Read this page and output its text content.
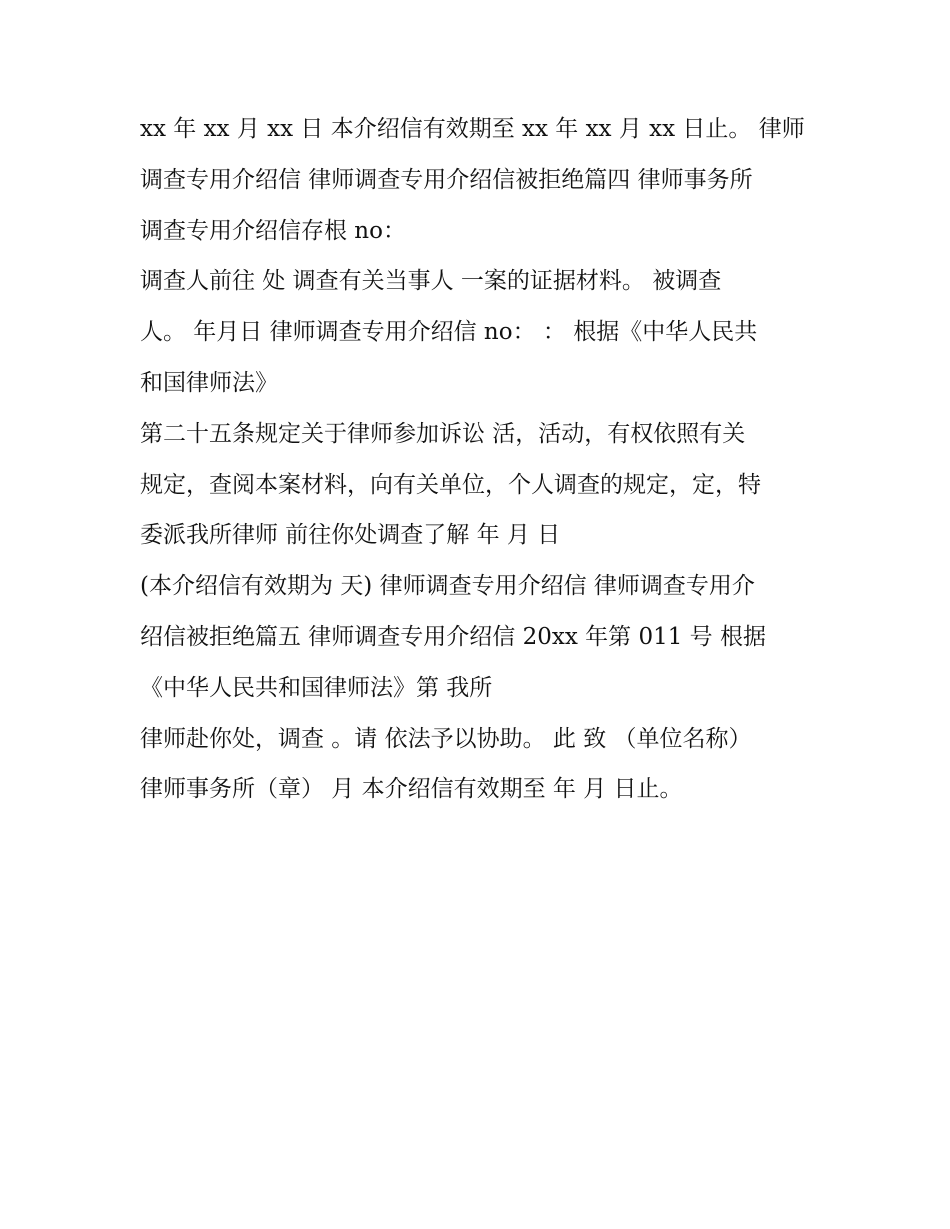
xx 年 xx 月 xx 日 本介绍信有效期至 xx 年 xx 月 xx 日止。 律师
调查专用介绍信 律师调查专用介绍信被拒绝篇四 律师事务所
调查专用介绍信存根 no：
调查人前往 处 调查有关当事人 一案的证据材料。 被调查
人。 年月日 律师调查专用介绍信 no： ： 根据《中华人民共
和国律师法》
第二十五条规定关于律师参加诉讼 活，活动，有权依照有关
规定，查阅本案材料，向有关单位，个人调查的规定，定，特
委派我所律师 前往你处调查了解 年 月 日
(本介绍信有效期为 天) 律师调查专用介绍信 律师调查专用介
绍信被拒绝篇五 律师调查专用介绍信 20xx 年第 011 号 根据
《中华人民共和国律师法》第 我所
律师赴你处，调查 。请 依法予以协助。 此 致 （单位名称）
律师事务所（章） 月 本介绍信有效期至 年 月 日止。
